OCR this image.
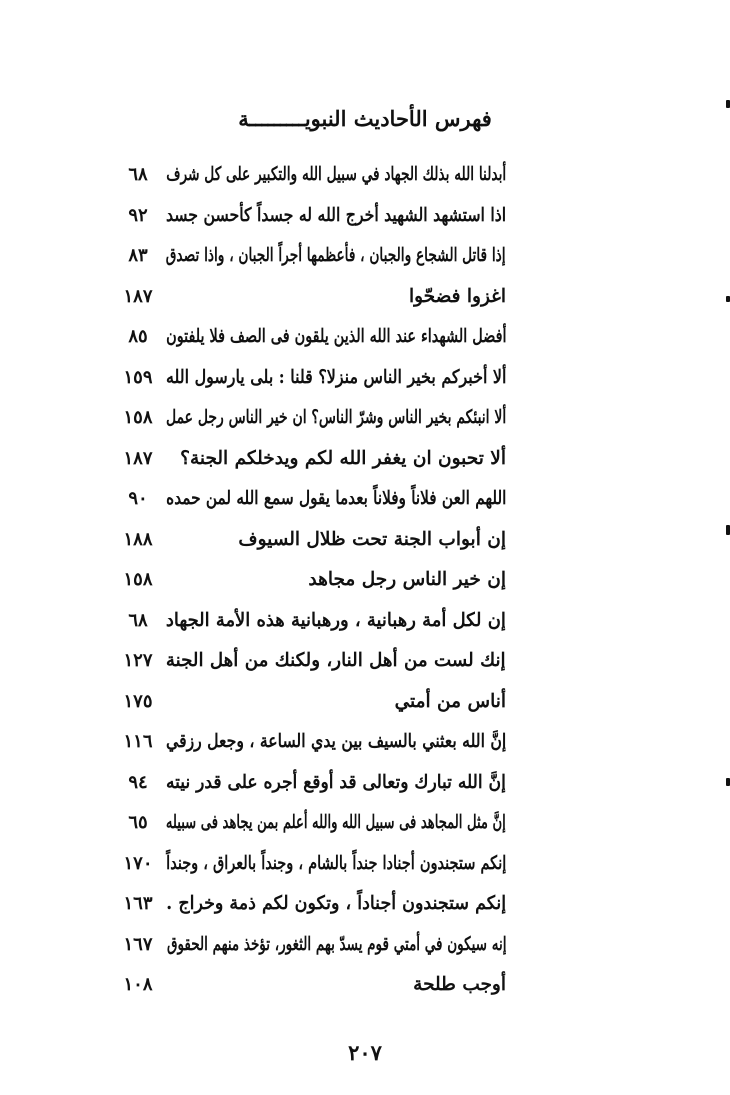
فهرس الأحاديث النبويـــــــــة
أبدلنا الله بذلك الجهاد في سبيل الله والتكبير على كل شرف
٦٨
اذا استشهد الشهيد أخرج الله له جسداً كأحسن جسد
٩٢
إذا قاتل الشجاع والجبان ، فأعظمها أجراً الجبان ، واذا تصدق
٨٣
اغزوا فضحّوا
١٨٧
أفضل الشهداء عند الله الذين يلقون فى الصف فلا يلفتون
٨٥
ألا أخبركم بخير الناس منزلا؟ قلنا : بلى يارسول الله
١٥٩
ألا انبئكم بخير الناس وشرّ الناس؟ ان خير الناس رجل عمل
١٥٨
ألا تحبون ان يغفر الله لكم ويدخلكم الجنة؟
١٨٧
اللهم العن فلاناً وفلاناً بعدما يقول سمع الله لمن حمده
٩٠
إن أبواب الجنة تحت ظلال السيوف
١٨٨
إن خير الناس رجل مجاهد
١٥٨
إن لكل أمة رهبانية ، ورهبانية هذه الأمة الجهاد
٦٨
إنك لست من أهل النار، ولكنك من أهل الجنة
١٢٧
أناس من أمتي
١٧٥
إنَّ الله بعثني بالسيف بين يدي الساعة ، وجعل رزقي
١١٦
إنَّ الله تبارك وتعالى قد أوقع أجره على قدر نيته
٩٤
إنَّ مثل المجاهد فى سبيل الله والله أعلم بمن يجاهد فى سبيله
٦٥
إنكم ستجندون أجنادا جنداً بالشام ، وجنداً بالعراق ، وجنداً
١٧٠
إنكم ستجندون أجناداً ، وتكون لكم ذمة وخراج .
١٦٣
إنه سيكون في أمتي قوم يسدّ بهم الثغور، تؤخذ منهم الحقوق
١٦٧
أوجب طلحة
١٠٨
٢٠٧
